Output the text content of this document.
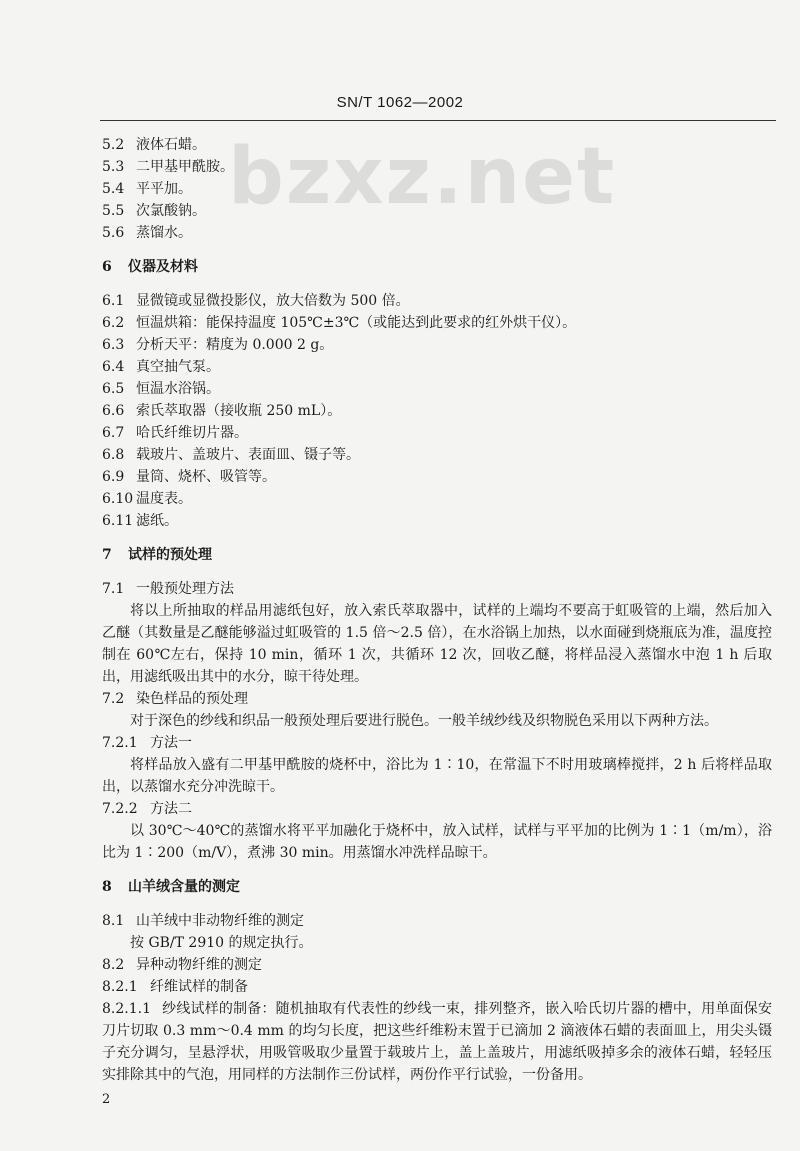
bzxz.net
SN/T 1062—2002
5.2 液体石蜡。
5.3 二甲基甲酰胺。
5.4 平平加。
5.5 次氯酸钠。
5.6 蒸馏水。
6 仪器及材料
6.1 显微镜或显微投影仪，放大倍数为 500 倍。
6.2 恒温烘箱：能保持温度 105℃±3℃（或能达到此要求的红外烘干仪）。
6.3 分析天平：精度为 0.000 2 g。
6.4 真空抽气泵。
6.5 恒温水浴锅。
6.6 索氏萃取器（接收瓶 250 mL）。
6.7 哈氏纤维切片器。
6.8 载玻片、盖玻片、表面皿、镊子等。
6.9 量筒、烧杯、吸管等。
6.10 温度表。
6.11 滤纸。
7 试样的预处理
7.1 一般预处理方法
将以上所抽取的样品用滤纸包好，放入索氏萃取器中，试样的上端均不要高于虹吸管的上端，然后加入乙醚（其数量是乙醚能够溢过虹吸管的 1.5 倍～2.5 倍），在水浴锅上加热，以水面碰到烧瓶底为准，温度控制在 60℃左右，保持 10 min，循环 1 次，共循环 12 次，回收乙醚，将样品浸入蒸馏水中泡 1 h 后取出，用滤纸吸出其中的水分，晾干待处理。
7.2 染色样品的预处理
对于深色的纱线和织品一般预处理后要进行脱色。一般羊绒纱线及织物脱色采用以下两种方法。
7.2.1 方法一
将样品放入盛有二甲基甲酰胺的烧杯中，浴比为 1∶10，在常温下不时用玻璃棒搅拌，2 h 后将样品取出，以蒸馏水充分冲洗晾干。
7.2.2 方法二
以 30℃～40℃的蒸馏水将平平加融化于烧杯中，放入试样，试样与平平加的比例为 1∶1（m/m），浴比为 1∶200（m/V），煮沸 30 min。用蒸馏水冲洗样品晾干。
8 山羊绒含量的测定
8.1 山羊绒中非动物纤维的测定
按 GB/T 2910 的规定执行。
8.2 异种动物纤维的测定
8.2.1 纤维试样的制备
8.2.1.1 纱线试样的制备：随机抽取有代表性的纱线一束，排列整齐，嵌入哈氏切片器的槽中，用单面保安刀片切取 0.3 mm～0.4 mm 的均匀长度，把这些纤维粉末置于已滴加 2 滴液体石蜡的表面皿上，用尖头镊子充分调匀，呈悬浮状，用吸管吸取少量置于载玻片上，盖上盖玻片，用滤纸吸掉多余的液体石蜡，轻轻压实排除其中的气泡，用同样的方法制作三份试样，两份作平行试验，一份备用。
2
